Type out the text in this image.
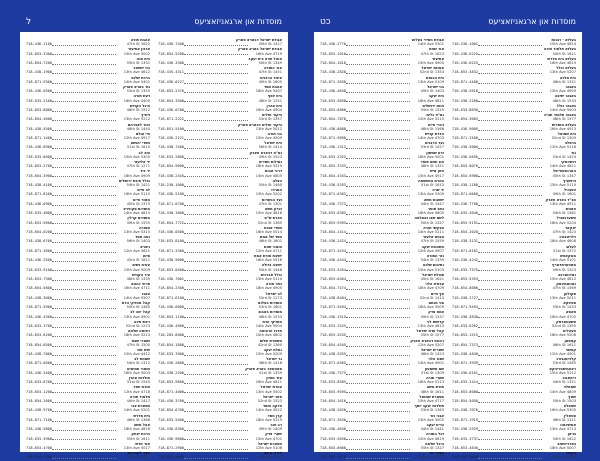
מוסדות און ארגאניזאציעס
ל
אגודת ישראל דבארא פארק
1427 49th St
718-436-7400
אגודת ישראל בארא פארק
4719 16th Ave
718-854-5200
אוהל שרה בית יעקב
1349 50th St
718-436-3300
אור התורה
1451 47th St
718-435-4311
איגוד הרבנים
1605 45th St
718-436-8227
אהבת חסד
5407 16th Ave
718-853-2370
בית יוסף
1251 48th St
718-854-3500
בית אהרן
4904 16th Ave
718-436-0700
ביקור חולים
1357 53rd St
718-871-2222
ביקור חולים דבארא פארק
5012 13th Ave
718-851-9100
בני תורה
4509 15th Ave
718-436-2121
בית ישראל
1414 56th St
718-438-7400
גמ"ח דבארא פארק
1523 49th St
718-633-2800
גמילות חסדים
5315 18th Ave
718-854-9000
דרכי אבות
4805 14th Ave
718-438-2345
הצלה
1460 55th St
718-230-1000
המרכז
5202 13th Ave
718-436-5100
ועד הכשרות
1301 47th St
718-871-0700
זכרון משה
4818 15th Ave
718-438-1600
חברת ש"ס
1365 52nd St
718-854-7722
חסדי אבות
5014 16th Ave
718-436-0300
חסד של אמת
1601 46th St
718-633-8100
טומכי שבת
4711 12th Ave
718-871-3300
ישיבת תורת אמת
5518 16th Ave
718-438-9000
ישיבה גדולה
1448 50th St
718-853-0400
כולל אברכים
5110 13th Ave
718-436-7001
כתר תורה
4905 18th Ave
718-854-2300
לב ישראל
1273 53rd St
718-871-6100
מוסדות בעלזא
1601 53rd St
718-438-6000
מוסדות באבוב
1533 48th St
718-853-1100
מחזיקי הדת
5004 14th Ave
718-436-4900
מרכז הרפואה
4802 10th Ave
718-283-6000
משמרת שלום
1360 42nd St
718-854-1800
נחלת יעקב
5209 15th Ave
718-633-7000
נר ישראל
1418 46th St
718-436-2800
סאטמאר בארא פארק
1359 41st St
718-438-2200
עזר מציון
4811 16th Ave
718-853-9800
עטרת ישראל
5502 13th Ave
718-871-4000
פאר ישראל
1523 52nd St
718-436-3700
צדקה וחסד
4522 14th Ave
718-854-6700
קרן חסד
5219 18th Ave
718-633-5400
רב טוב
1409 49th St
718-438-8300
שערי צדק
4701 15th Ave
718-436-9600
תפארת ישראל
5106 12th Ave
718-871-2900
תורה ודעת
1353 44th St
718-853-4400
אהבת תורה
1622 47th St
718-436-1100
ארגון אחיעזר
5002 15th Ave
718-853-3300
בית חנה
1331 55th St
718-854-7200
בני יששכר
4612 13th Ave
718-438-1900
ברכת שלום
5401 14th Ave
718-871-9300
גור בארא פארק
1355 53rd St
718-436-6500
דעת תורה
4405 16th Ave
718-633-2100
היכל הקודש
1512 48th St
718-853-8800
ויזניץ
5212 13th Ave
718-854-4600
זכור לאברהם
1440 46th St
718-438-5500
חיי עולם
4917 12th Ave
718-871-1400
חסדי יהושע
1610 51st St
718-436-8900
טוב לב
5305 15th Ave
718-633-6600
יד אליעזר
1271 47th St
718-853-2700
יד ביד
4909 18th Ave
718-854-3900
כולל חיבת ירושלים
1421 54th St
718-438-4100
לב חיים
5110 16th Ave
718-871-8200
מאור חיים
1375 45th St
718-436-0900
מוסדות סקווירא
4815 14th Ave
718-633-4800
מוסדות קרלין
1555 49th St
718-853-5600
מסורה
5315 13th Ave
718-854-0200
נווה חסד
1403 56th St
718-438-6700
ניטרא
4621 12th Ave
718-871-3600
סיוע
1611 43rd St
718-436-2500
עזרת נשים
5009 15th Ave
718-633-9100
עיר הקודש
1339 48th St
718-853-7300
פרחי כהונה
4711 16th Ave
718-854-5800
צאנז
5507 14th Ave
718-438-3000
קהל מחזיקי הדת
1460 50th St
718-871-5900
קהל יטב לב
4901 13th Ave
718-436-4300
ראש פינה
1223 52nd St
718-633-1700
רפואה שלמה
5213 18th Ave
718-853-6200
שומרי שבת
1500 47th St
718-854-8500
שיח סוד
4412 15th Ave
718-438-7800
שמחת לב
1312 54th St
718-871-0500
תומכי תמימים
5003 16th Ave
718-436-3400
תולדות אהרן
1545 51st St
718-633-8700
תורת חסד
4718 12th Ave
718-853-1200
תלמוד תורה
1417 44th St
718-854-2600
תפארת צבי
5201 14th Ave
718-438-9700
בית מדרש
1366 46th St
718-871-7100
אהל משה
4816 18th Ave
718-436-5800
ברכת יצחק
1611 55th St
718-633-3900
אור חדש
5017 13th Ave
718-853-4700
חסד לאברהם
1437 45th St
718-854-1300
מוסדות און ארגאניזאציעס
כט
בעלזא - רבנות
4814 15th Ave
718-436-1001
בעלזא תלמוד תורה
1611 50th St
718-438-6225
בעלזא בית מדרש
4819 16th Ave
718-436-6225
בעלזא כולל
5207 13th Ave
718-853-3832
בית מלכה
1321 48th St
718-871-4400
באבוב
4909 15th Ave
718-438-2018
באבוב ישיבה
1533 48th St
718-436-2280
באבוב כולל
5003 14th Ave
718-633-8030
באבוב תלמוד תורה
1577 48th St
718-854-3003
בעלזא מוסדות
4913 16th Ave
718-436-9009
בית שמואל
1309 52nd St
718-871-2500
ברסלב
5116 12th Ave
718-438-5000
גור
1424 53rd St
718-436-5656
דושינסקי
4811 14th Ave
718-853-0070
הארנאסטייפל
1347 45th St
718-854-6900
וויזשניץ
5110 15th Ave
718-438-1188
זוועהיל
1601 49th St
718-871-6060
חב"ד בארא פארק
4911 13th Ave
718-436-7700
טאהש
1361 54th St
718-633-4040
טשערנאביל
5204 16th Ave
718-853-9191
יאקאר
1423 47th St
718-854-2020
כלויזנבורג
4808 18th Ave
718-438-3131
לעלוב
1572 51st St
718-871-8181
מונקאטש
5101 14th Ave
718-436-4242
מאטערסדארף
1323 49th St
718-633-7575
נאדווארנא
4612 15th Ave
718-853-5353
נאוואמינסק
1569 47th St
718-854-8686
סקולען
5011 13th Ave
718-438-2727
ספינקא
1433 55th St
718-871-9494
פאפא
4705 16th Ave
718-436-3838
פשעווארסק
1355 52nd St
718-633-6262
צעהלים
5206 18th Ave
718-853-1515
קאסאן
1611 46th St
718-854-7373
קאשוי
4901 12th Ave
718-438-4848
קלויזענבורג
1465 53rd St
718-871-3939
ראחמיסטריווקא
5112 15th Ave
718-436-6161
רימאנוב
1321 44th St
718-633-2424
שאמלוי
4809 14th Ave
718-853-8080
שאץ
1503 50th St
718-854-5050
שפאלע
5305 16th Ave
718-438-7070
סטאלין
1311 48th St
718-871-1919
אמשינאוו
4713 13th Ave
718-436-2929
בויאן
1622 54th St
718-633-3737
בארדיטשוב
5007 18th Ave
718-853-4646
דעעש
1455 45th St
718-854-9898
אגודת חסידי בעלזא
5301 14th Ave
718-436-2776
אור שמח
1623 47th St
718-853-1010
אחיעזר
4905 15th Ave
718-854-1818
אמונת ישראל
1353 52nd St
718-438-2828
בית הכנסת
5109 13th Ave
718-871-3838
בני ישראל
1403 49th St
718-436-4848
בית יעקב
4811 16th Ave
718-633-5858
בנות ירושלים
1319 55th St
718-853-6868
גמ"ח כלים
5215 12th Ave
718-854-7878
דברי חיים
1566 46th St
718-438-8888
הדרת קודש
4703 14th Ave
718-871-9898
ועד הרבנים
1427 53rd St
718-436-1313
זרע שמשון
5001 18th Ave
718-633-2323
חוג חתם סופר
1351 48th St
718-853-3333
חזון איש
4917 15th Ave
718-854-4343
טהרת המשפחה
1613 51st St
718-438-5353
יד שרה
5309 13th Ave
718-871-6363
ישועות משה
1447 44th St
718-436-7373
כתב סופר
4805 16th Ave
718-633-8383
לשם שבו ואחלמה
1327 50th St
718-853-9393
מבקשי תורה
5211 14th Ave
718-854-1414
מנחת אלעזר
1559 47th St
718-438-2424
משכנות יעקב
4907 12th Ave
718-871-3434
נזר התורה
1339 54th St
718-436-4444
נתיבות שלום
5103 15th Ave
718-633-5454
סגולת ישראל
1621 45th St
718-853-6464
עבודת הלוי
4709 18th Ave
718-854-7474
עץ חיים
1413 52nd St
718-438-8484
פני מנחם
5009 16th Ave
718-871-9494
צמח צדק
1337 49th St
718-436-1515
קדושת לוי
4813 13th Ave
718-633-2525
קהל עדת ישראל
1577 55th St
718-853-3535
רבנות דבארא פארק
5207 12th Ave
718-854-4545
שארית ישראל
1423 46th St
718-438-5555
שבט הלוי
4901 14th Ave
718-871-6565
שם משמעון
1309 51st St
718-436-7575
שערי תורה
5113 18th Ave
718-633-8585
תורת משה
1611 48th St
718-853-9595
תפארת שמואל
4717 15th Ave
718-854-1616
תולדות יעקב יוסף
1363 53rd St
718-438-2626
אבני נזר
5005 13th Ave
718-871-3636
ברית יעקב
1441 44th St
718-436-4646
דגל התורה
4819 12th Ave
718-633-5656
היכל שלמה
1327 55th St
718-853-6666
חסידי גור
5217 16th Ave
718-854-7676
